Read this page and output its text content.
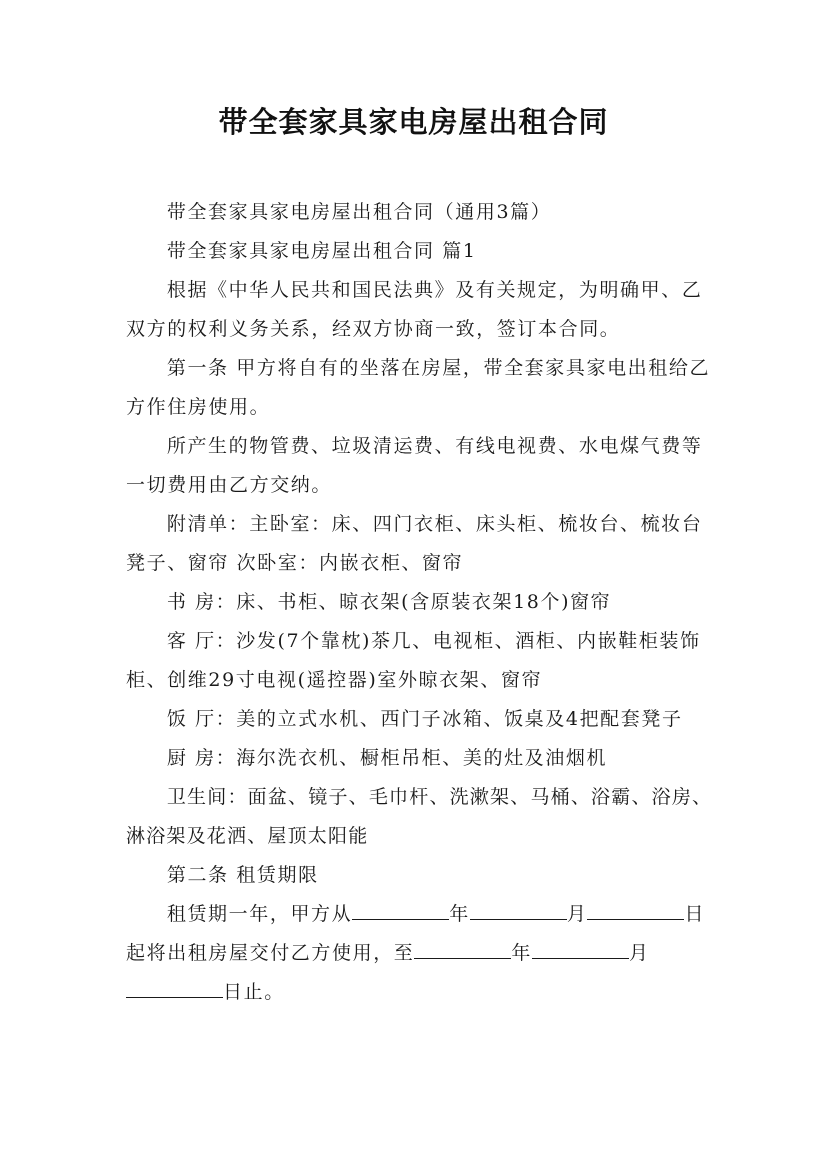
带全套家具家电房屋出租合同

带全套家具家电房屋出租合同（通用3篇）

带全套家具家电房屋出租合同 篇1

根据《中华人民共和国民法典》及有关规定，为明确甲、乙双方的权利义务关系，经双方协商一致，签订本合同。

第一条 甲方将自有的坐落在房屋，带全套家具家电出租给乙方作住房使用。

所产生的物管费、垃圾清运费、有线电视费、水电煤气费等一切费用由乙方交纳。

附清单：主卧室：床、四门衣柜、床头柜、梳妆台、梳妆台凳子、窗帘 次卧室：内嵌衣柜、窗帘

书 房：床、书柜、晾衣架(含原装衣架18个)窗帘

客 厅：沙发(7个靠枕)茶几、电视柜、酒柜、内嵌鞋柜装饰柜、创维29寸电视(遥控器)室外晾衣架、窗帘

饭 厅：美的立式水机、西门子冰箱、饭桌及4把配套凳子

厨 房：海尔洗衣机、橱柜吊柜、美的灶及油烟机

卫生间：面盆、镜子、毛巾杆、洗漱架、马桶、浴霸、浴房、淋浴架及花洒、屋顶太阳能

第二条 租赁期限

租赁期一年，甲方从	年	月	日起将出租房屋交付乙方使用，至	年	月日止。
